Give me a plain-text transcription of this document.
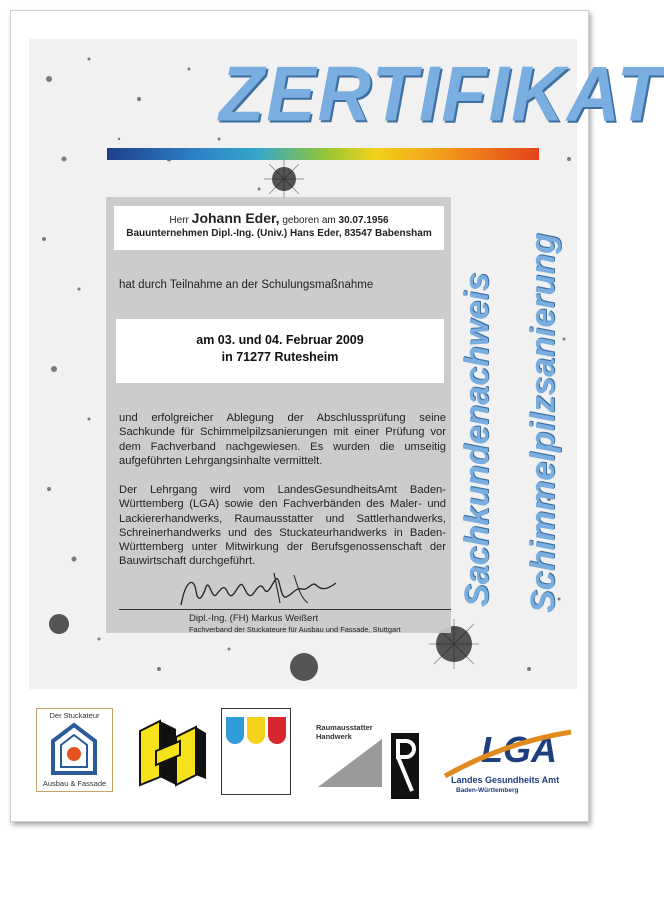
ZERTIFIKAT
Herr Johann Eder, geboren am 30.07.1956
Bauunternehmen Dipl.-Ing. (Univ.) Hans Eder, 83547 Babensham
hat durch Teilnahme an der Schulungsmaßnahme
am 03. und 04. Februar 2009
in 71277 Rutesheim
und erfolgreicher Ablegung der Abschlussprüfung seine Sachkunde für Schimmelpilzsanierungen mit einer Prüfung vor dem Fachverband nachgewiesen. Es wurden die umseitig aufgeführten Lehrgangsinhalte vermittelt.
Der Lehrgang wird vom LandesGesundheitsAmt Baden-Württemberg (LGA) sowie den Fachverbänden des Maler- und Lackiererhandwerks, Raumausstatter und Sattlerhandwerks, Schreinerhandwerks und des Stuckateurhandwerks in Baden-Württemberg unter Mitwirkung der Berufsgenossenschaft der Bauwirtschaft durchgeführt.
Dipl.-Ing. (FH) Markus Weißert
Fachverband der Stuckateure für Ausbau und Fassade, Stuttgart
Sachkundenachweis Schimmelpilzsanierung
Der Stuckateur
Ausbau & Fassade
Raumausstatter
Handwerk	LGA
Landes Gesundheits Amt
Baden-Württemberg
